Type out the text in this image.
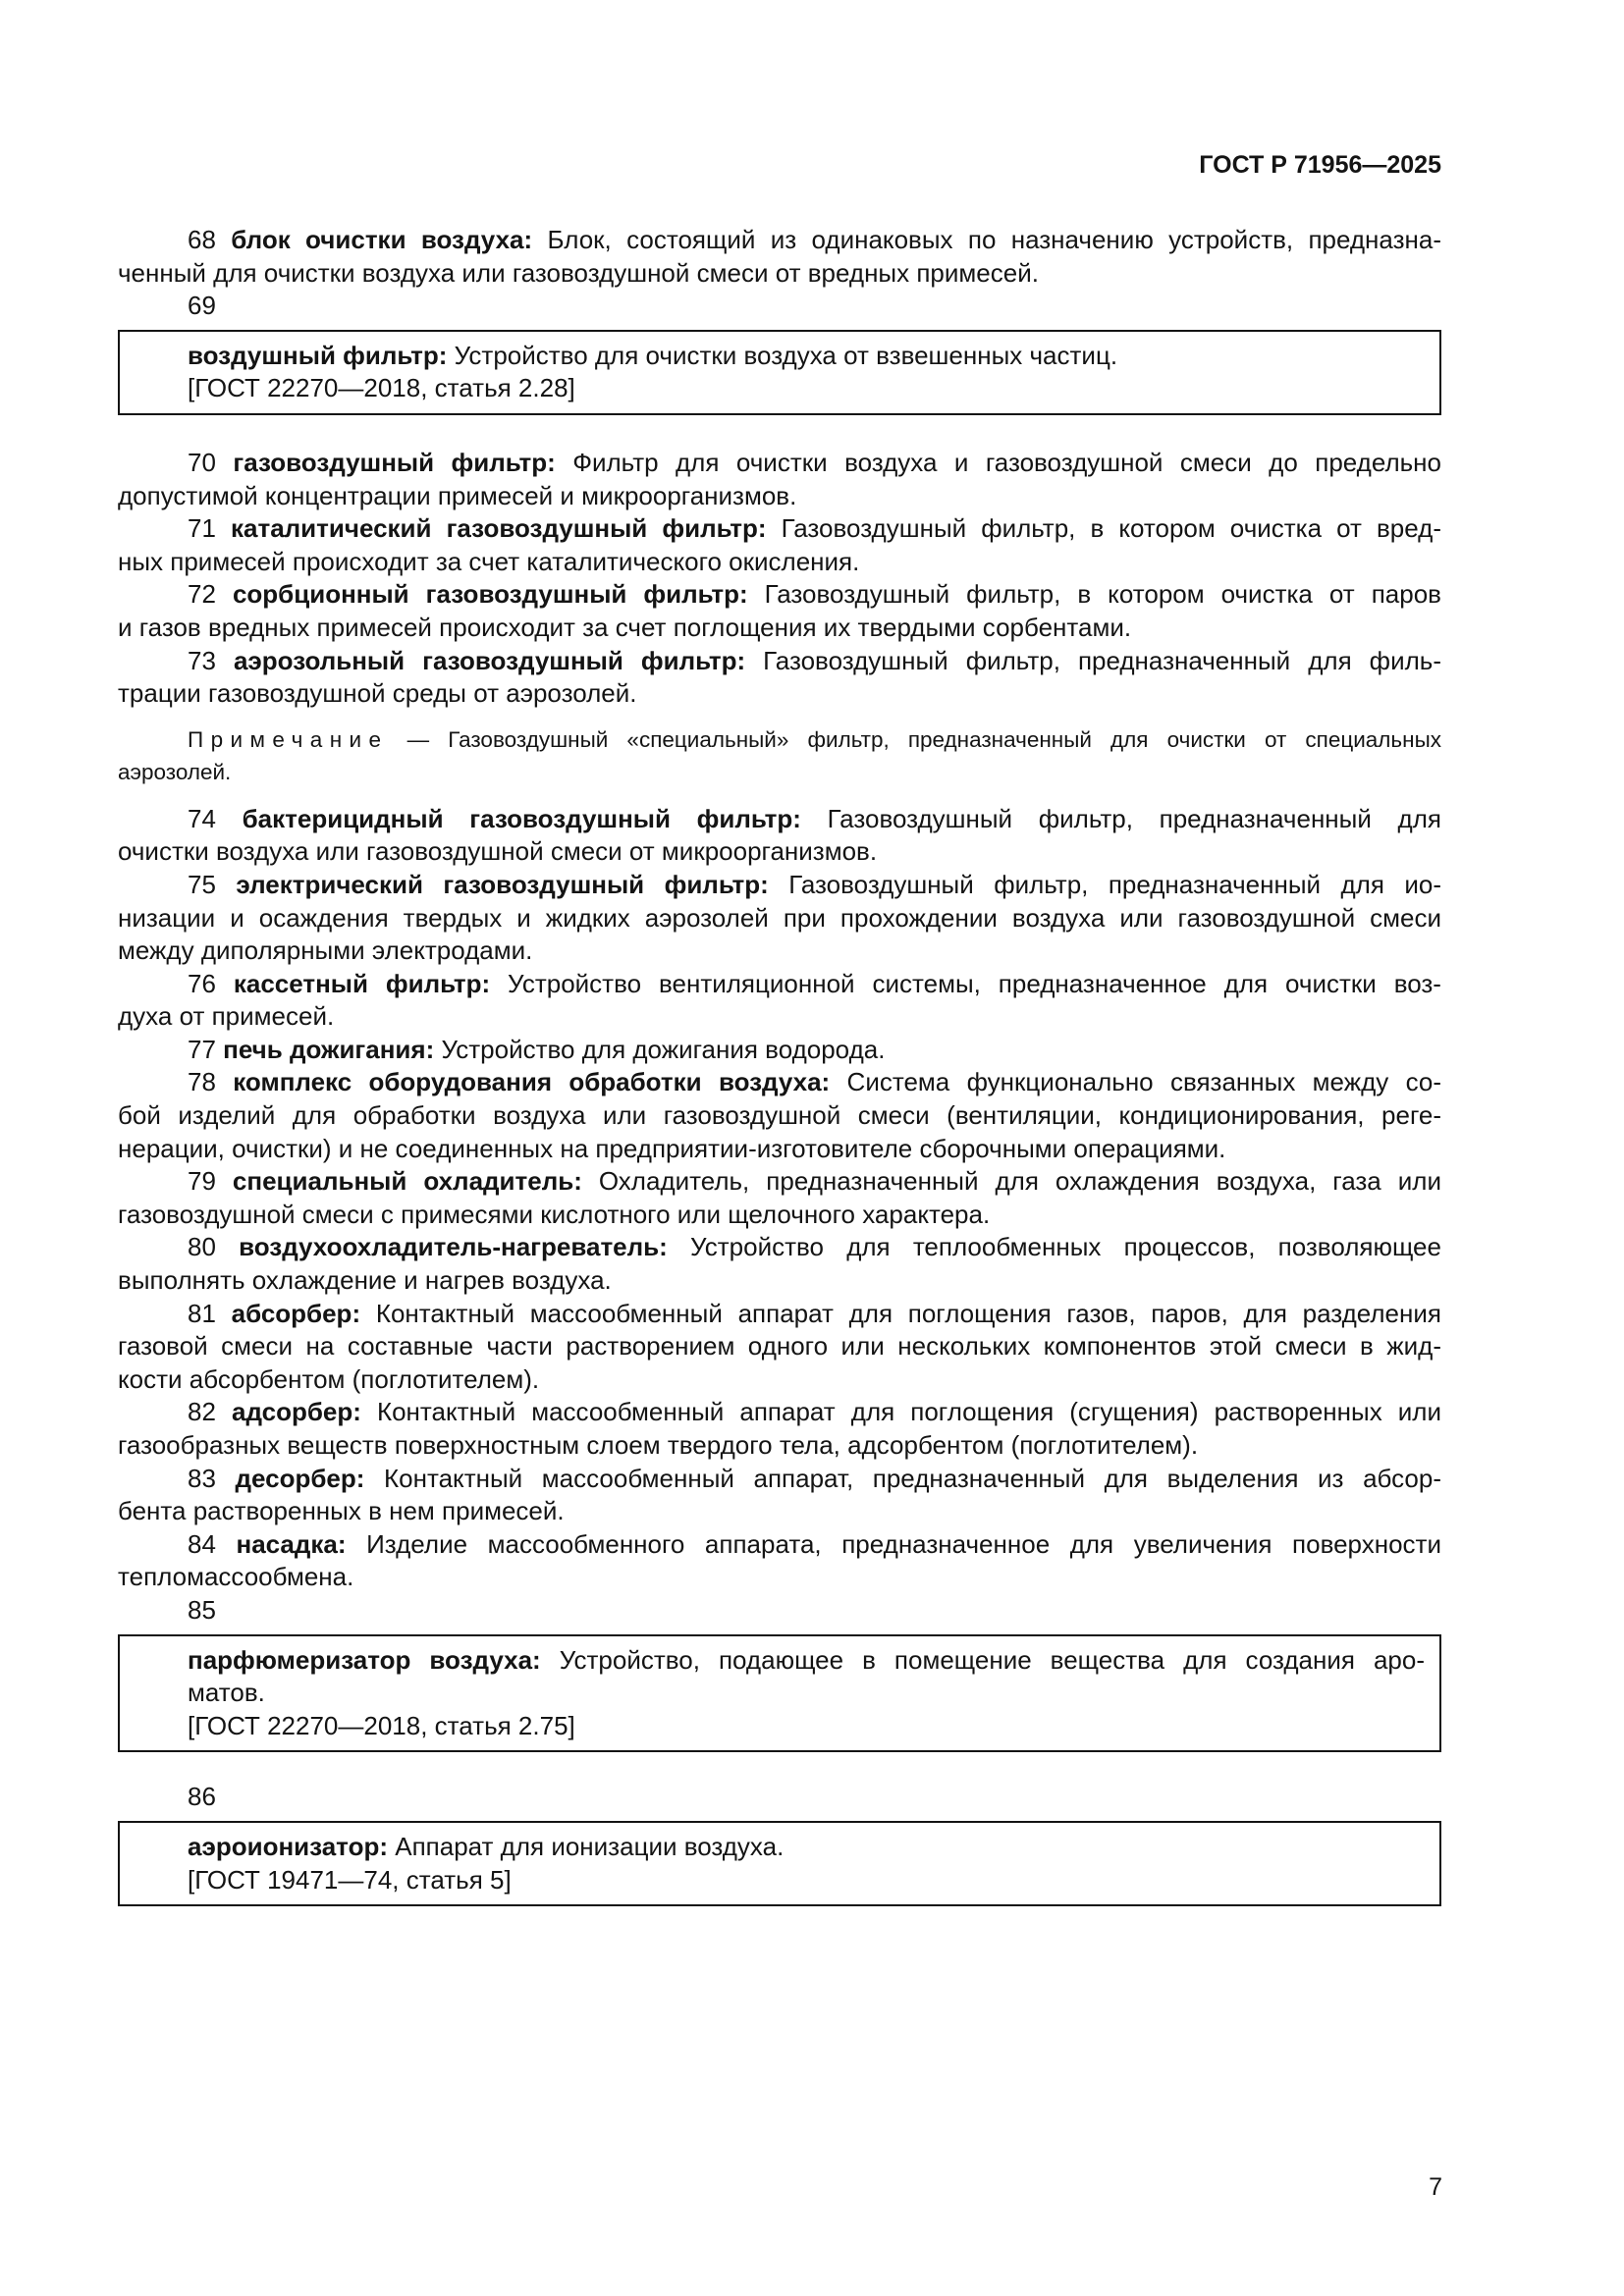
ГОСТ Р 71956—2025
68 блок очистки воздуха: Блок, состоящий из одинаковых по назначению устройств, предназна-
ченный для очистки воздуха или газовоздушной смеси от вредных примесей.
69
воздушный фильтр: Устройство для очистки воздуха от взвешенных частиц.
[ГОСТ 22270—2018, статья 2.28]
70 газовоздушный фильтр: Фильтр для очистки воздуха и газовоздушной смеси до предельно
допустимой концентрации примесей и микроорганизмов.
71 каталитический газовоздушный фильтр: Газовоздушный фильтр, в котором очистка от вред-
ных примесей происходит за счет каталитического окисления.
72 сорбционный газовоздушный фильтр: Газовоздушный фильтр, в котором очистка от паров
и газов вредных примесей происходит за счет поглощения их твердыми сорбентами.
73 аэрозольный газовоздушный фильтр: Газовоздушный фильтр, предназначенный для филь-
трации газовоздушной среды от аэрозолей.
Примечание — Газовоздушный «специальный» фильтр, предназначенный для очистки от специальных
аэрозолей.
74 бактерицидный газовоздушный фильтр: Газовоздушный фильтр, предназначенный для
очистки воздуха или газовоздушной смеси от микроорганизмов.
75 электрический газовоздушный фильтр: Газовоздушный фильтр, предназначенный для ио-
низации и осаждения твердых и жидких аэрозолей при прохождении воздуха или газовоздушной смеси
между диполярными электродами.
76 кассетный фильтр: Устройство вентиляционной системы, предназначенное для очистки воз-
духа от примесей.
77 печь дожигания: Устройство для дожигания водорода.
78 комплекс оборудования обработки воздуха: Система функционально связанных между со-
бой изделий для обработки воздуха или газовоздушной смеси (вентиляции, кондиционирования, реге-
нерации, очистки) и не соединенных на предприятии-изготовителе сборочными операциями.
79 специальный охладитель: Охладитель, предназначенный для охлаждения воздуха, газа или
газовоздушной смеси с примесями кислотного или щелочного характера.
80 воздухоохладитель-нагреватель: Устройство для теплообменных процессов, позволяющее
выполнять охлаждение и нагрев воздуха.
81 абсорбер: Контактный массообменный аппарат для поглощения газов, паров, для разделения
газовой смеси на составные части растворением одного или нескольких компонентов этой смеси в жид-
кости абсорбентом (поглотителем).
82 адсорбер: Контактный массообменный аппарат для поглощения (сгущения) растворенных или
газообразных веществ поверхностным слоем твердого тела, адсорбентом (поглотителем).
83 десорбер: Контактный массообменный аппарат, предназначенный для выделения из абсор-
бента растворенных в нем примесей.
84 насадка: Изделие массообменного аппарата, предназначенное для увеличения поверхности
тепломассообмена.
85
парфюмеризатор воздуха: Устройство, подающее в помещение вещества для создания аро-
матов.
[ГОСТ 22270—2018, статья 2.75]
86
аэроионизатор: Аппарат для ионизации воздуха.
[ГОСТ 19471—74, статья 5]
7
